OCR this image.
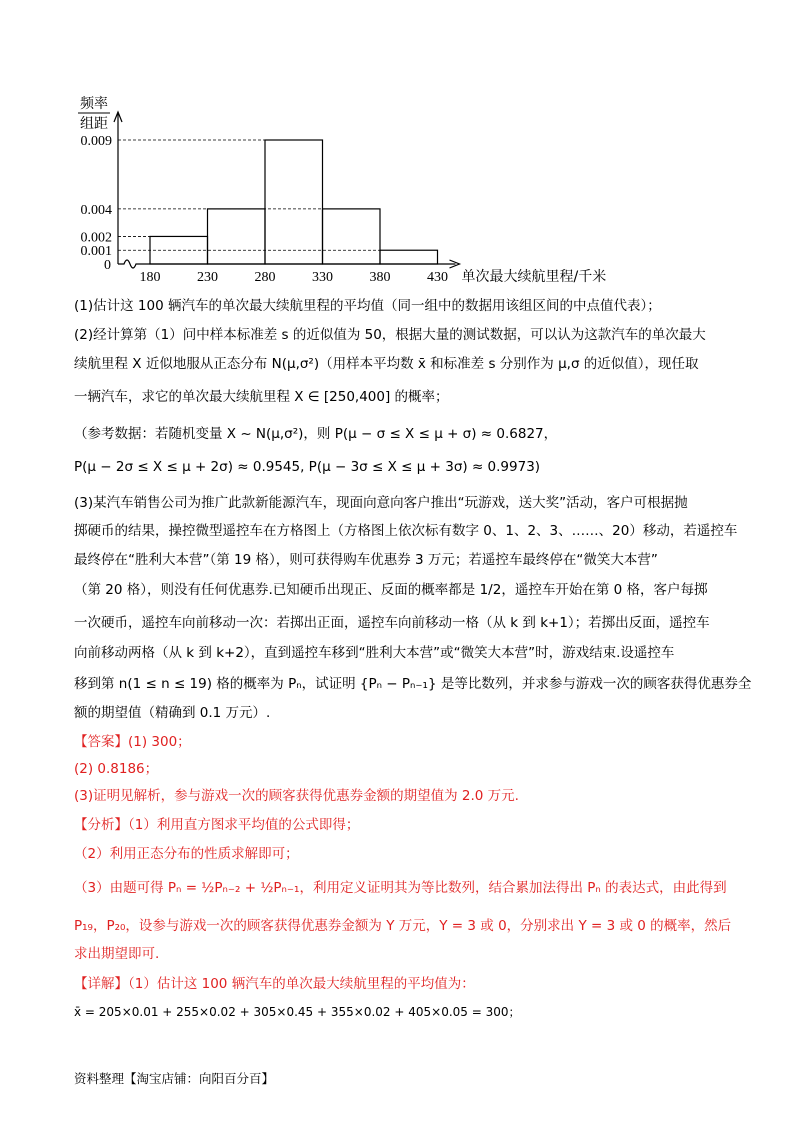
频率
组距
0
0.001
0.002
0.004
0.009
180	230	280	330	380	430 单次最大续航里程/千米
(1)估计这 100 辆汽车的单次最大续航里程的平均值（同一组中的数据用该组区间的中点值代表）；
(2)经计算第（1）问中样本标准差 s 的近似值为 50，根据大量的测试数据，可以认为这款汽车的单次最大
续航里程 X 近似地服从正态分布 N(μ,σ²)（用样本平均数 x̄ 和标准差 s 分别作为 μ,σ 的近似值），现任取
一辆汽车，求它的单次最大续航里程 X ∈ [250,400] 的概率；
（参考数据：若随机变量 X ~ N(μ,σ²)，则 P(μ − σ ≤ X ≤ μ + σ) ≈ 0.6827，
P(μ − 2σ ≤ X ≤ μ + 2σ) ≈ 0.9545, P(μ − 3σ ≤ X ≤ μ + 3σ) ≈ 0.9973)
(3)某汽车销售公司为推广此款新能源汽车，现面向意向客户推出“玩游戏，送大奖”活动，客户可根据抛
掷硬币的结果，操控微型遥控车在方格图上（方格图上依次标有数字 0、1、2、3、……、20）移动，若遥控车
最终停在“胜利大本营”（第 19 格），则可获得购车优惠券 3 万元；若遥控车最终停在“微笑大本营”
（第 20 格），则没有任何优惠券.已知硬币出现正、反面的概率都是 1/2，遥控车开始在第 0 格，客户每掷
一次硬币，遥控车向前移动一次：若掷出正面，遥控车向前移动一格（从 k 到 k+1）；若掷出反面，遥控车
向前移动两格（从 k 到 k+2），直到遥控车移到“胜利大本营”或“微笑大本营”时，游戏结束.设遥控车
移到第 n(1 ≤ n ≤ 19) 格的概率为 Pₙ，试证明 {Pₙ − Pₙ₋₁} 是等比数列，并求参与游戏一次的顾客获得优惠券全
额的期望值（精确到 0.1 万元）.
【答案】(1) 300；
(2) 0.8186；
(3)证明见解析，参与游戏一次的顾客获得优惠券金额的期望值为 2.0 万元.
【分析】（1）利用直方图求平均值的公式即得；
（2）利用正态分布的性质求解即可；
（3）由题可得 Pₙ = ½Pₙ₋₂ + ½Pₙ₋₁，利用定义证明其为等比数列，结合累加法得出 Pₙ 的表达式，由此得到
P₁₉，P₂₀，设参与游戏一次的顾客获得优惠券金额为 Y 万元，Y = 3 或 0，分别求出 Y = 3 或 0 的概率，然后
求出期望即可.
【详解】（1）估计这 100 辆汽车的单次最大续航里程的平均值为：
x̄ = 205×0.01 + 255×0.02 + 305×0.45 + 355×0.02 + 405×0.05 = 300；
资料整理【淘宝店铺：向阳百分百】
